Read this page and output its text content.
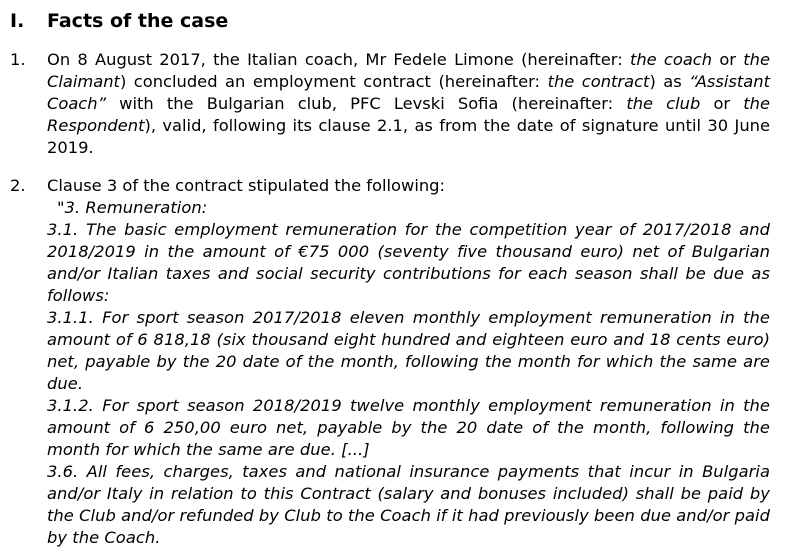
I.	Facts of the case
1.	On 8 August 2017, the Italian coach, Mr Fedele Limone (hereinafter: the coach or the Claimant) concluded an employment contract (hereinafter: the contract) as “Assistant Coach” with the Bulgarian club, PFC Levski Sofia (hereinafter: the club or the Respondent), valid, following its clause 2.1, as from the date of signature until 30 June 2019.
2.	Clause 3 of the contract stipulated the following:

"3. Remuneration:

3.1. The basic employment remuneration for the competition year of 2017/2018 and 2018/2019 in the amount of €75 000 (seventy five thousand euro) net of Bulgarian and/or Italian taxes and social security contributions for each season shall be due as follows:

3.1.1. For sport season 2017/2018 eleven monthly employment remuneration in the amount of 6 818,18 (six thousand eight hundred and eighteen euro and 18 cents euro) net, payable by the 20 date of the month, following the month for which the same are due.

3.1.2. For sport season 2018/2019 twelve monthly employment remuneration in the amount of 6 250,00 euro net, payable by the 20 date of the month, following the month for which the same are due. [...]

3.6. All fees, charges, taxes and national insurance payments that incur in Bulgaria and/or Italy in relation to this Contract (salary and bonuses included) shall be paid by the Club and/or refunded by Club to the Coach if it had previously been due and/or paid by the Coach.
